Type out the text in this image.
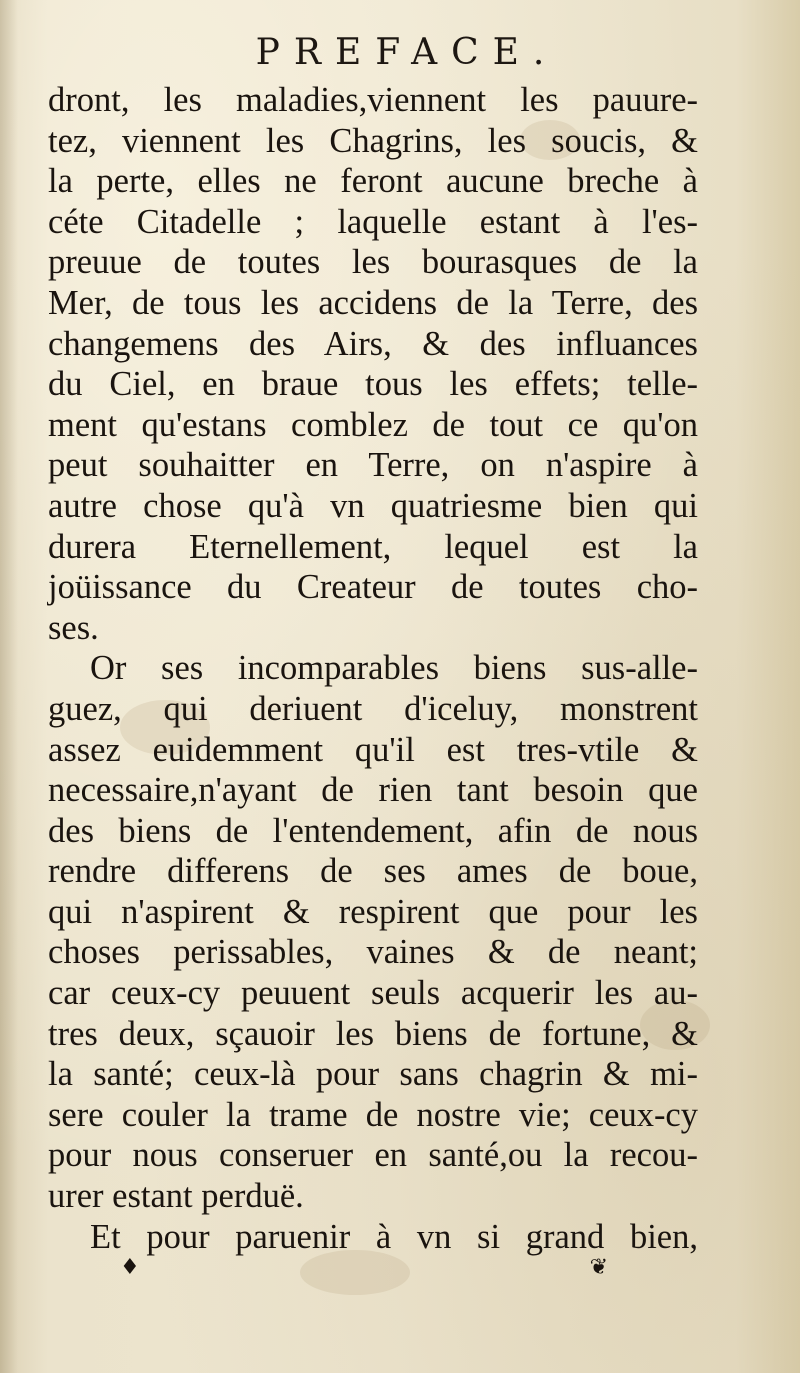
PREFACE.
dront, les maladies,viennent les pauure-
tez, viennent les Chagrins, les soucis, &
la perte, elles ne feront aucune breche à
céte Citadelle ; laquelle estant à l'es-
preuue de toutes les bourasques de la
Mer, de tous les accidens de la Terre, des
changemens des Airs, & des influances
du Ciel, en braue tous les effets; telle-
ment qu'estans comblez de tout ce qu'on
peut souhaitter en Terre, on n'aspire à
autre chose qu'à vn quatriesme bien qui
durera Eternellement, lequel est la
joüissance du Createur de toutes cho-
ses.
Or ses incomparables biens sus-alle-
guez, qui deriuent d'iceluy, monstrent
assez euidemment qu'il est tres-vtile &
necessaire,n'ayant de rien tant besoin que
des biens de l'entendement, afin de nous
rendre differens de ses ames de boue,
qui n'aspirent & respirent que pour les
choses perissables, vaines & de neant;
car ceux-cy peuuent seuls acquerir les au-
tres deux, sçauoir les biens de fortune, &
la santé; ceux-là pour sans chagrin & mi-
sere couler la trame de nostre vie; ceux-cy
pour nous conseruer en santé,ou la recou-
urer estant perduë.
Et pour paruenir à vn si grand bien,
♦	❦
